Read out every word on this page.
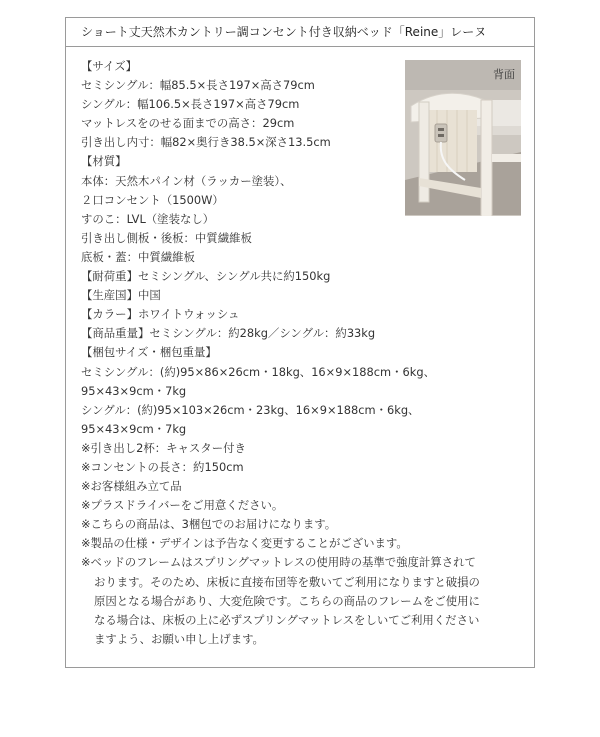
ショート丈天然木カントリー調コンセント付き収納ベッド「Reine」レーヌ
【サイズ】
セミシングル：幅85.5×長さ197×高さ79cm
シングル：幅106.5×長さ197×高さ79cm
マットレスをのせる面までの高さ：29cm
引き出し内寸：幅82×奥行き38.5×深さ13.5cm
【材質】
本体：天然木パイン材（ラッカー塗装）、
２口コンセント（1500W）
すのこ：LVL（塗装なし）
引き出し側板・後板：中質繊維板
底板・蓋：中質繊維板
【耐荷重】セミシングル、シングル共に約150kg
【生産国】中国
【カラー】ホワイトウォッシュ
【商品重量】セミシングル：約28kg／シングル：約33kg
【梱包サイズ・梱包重量】
セミシングル：(約)95×86×26cm・18kg、16×9×188cm・6kg、
95×43×9cm・7kg
シングル：(約)95×103×26cm・23kg、16×9×188cm・6kg、
95×43×9cm・7kg
※引き出し2杯：キャスター付き
※コンセントの長さ：約150cm
※お客様組み立て品
※プラスドライバーをご用意ください。
※こちらの商品は、3梱包でのお届けになります。
※製品の仕様・デザインは予告なく変更することがございます。
※ベッドのフレームはスプリングマットレスの使用時の基準で強度計算されて
おります。そのため、床板に直接布団等を敷いてご利用になりますと破損の
原因となる場合があり、大変危険です。こちらの商品のフレームをご使用に
なる場合は、床板の上に必ずスプリングマットレスをしいてご利用ください
ますよう、お願い申し上げます。
背面
